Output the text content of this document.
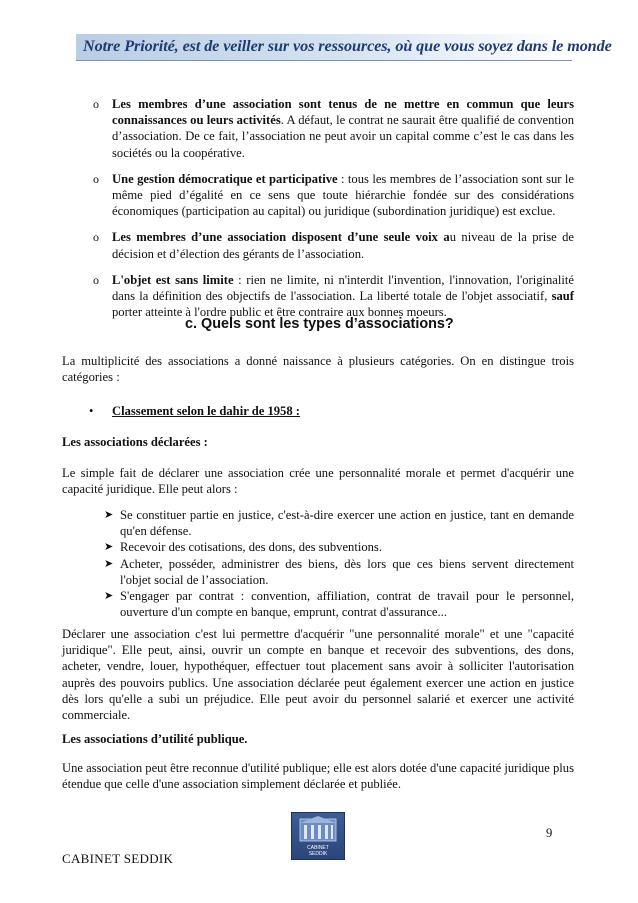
Notre Priorité, est de veiller sur vos ressources, où que vous soyez dans le monde
o Les membres d’une association sont tenus de ne mettre en commun que leurs connaissances ou leurs activités. A défaut, le contrat ne saurait être qualifié de convention d’association. De ce fait, l’association ne peut avoir un capital comme c’est le cas dans les sociétés ou la coopérative.
o Une gestion démocratique et participative : tous les membres de l’association sont sur le même pied d’égalité en ce sens que toute hiérarchie fondée sur des considérations économiques (participation au capital) ou juridique (subordination juridique) est exclue.
o Les membres d’une association disposent d’une seule voix au niveau de la prise de décision et d’élection des gérants de l’association.
o L'objet est sans limite : rien ne limite, ni n'interdit l'invention, l'innovation, l'originalité dans la définition des objectifs de l'association. La liberté totale de l'objet associatif, sauf porter atteinte à l'ordre public et être contraire aux bonnes moeurs.
c. Quels sont les types d’associations?
La multiplicité des associations a donné naissance à plusieurs catégories. On en distingue trois catégories :
• Classement selon le dahir de 1958 :
Les associations déclarées :
Le simple fait de déclarer une association crée une personnalité morale et permet d'acquérir une capacité juridique. Elle peut alors :
➤ Se constituer partie en justice, c'est-à-dire exercer une action en justice, tant en demande qu'en défense.
➤ Recevoir des cotisations, des dons, des subventions.
➤ Acheter, posséder, administrer des biens, dès lors que ces biens servent directement l'objet social de l’association.
➤ S'engager par contrat : convention, affiliation, contrat de travail pour le personnel, ouverture d'un compte en banque, emprunt, contrat d'assurance...
Déclarer une association c'est lui permettre d'acquérir "une personnalité morale" et une "capacité juridique". Elle peut, ainsi, ouvrir un compte en banque et recevoir des subventions, des dons, acheter, vendre, louer, hypothéquer, effectuer tout placement sans avoir à solliciter l'autorisation auprès des pouvoirs publics. Une association déclarée peut également exercer une action en justice dès lors qu'elle a subi un préjudice. Elle peut avoir du personnel salarié et exercer une activité commerciale.
Les associations d’utilité publique.
Une association peut être reconnue d'utilité publique; elle est alors dotée d'une capacité juridique plus étendue que celle d'une association simplement déclarée et publiée.
CABINET
SEDDIK
9
CABINET SEDDIK
